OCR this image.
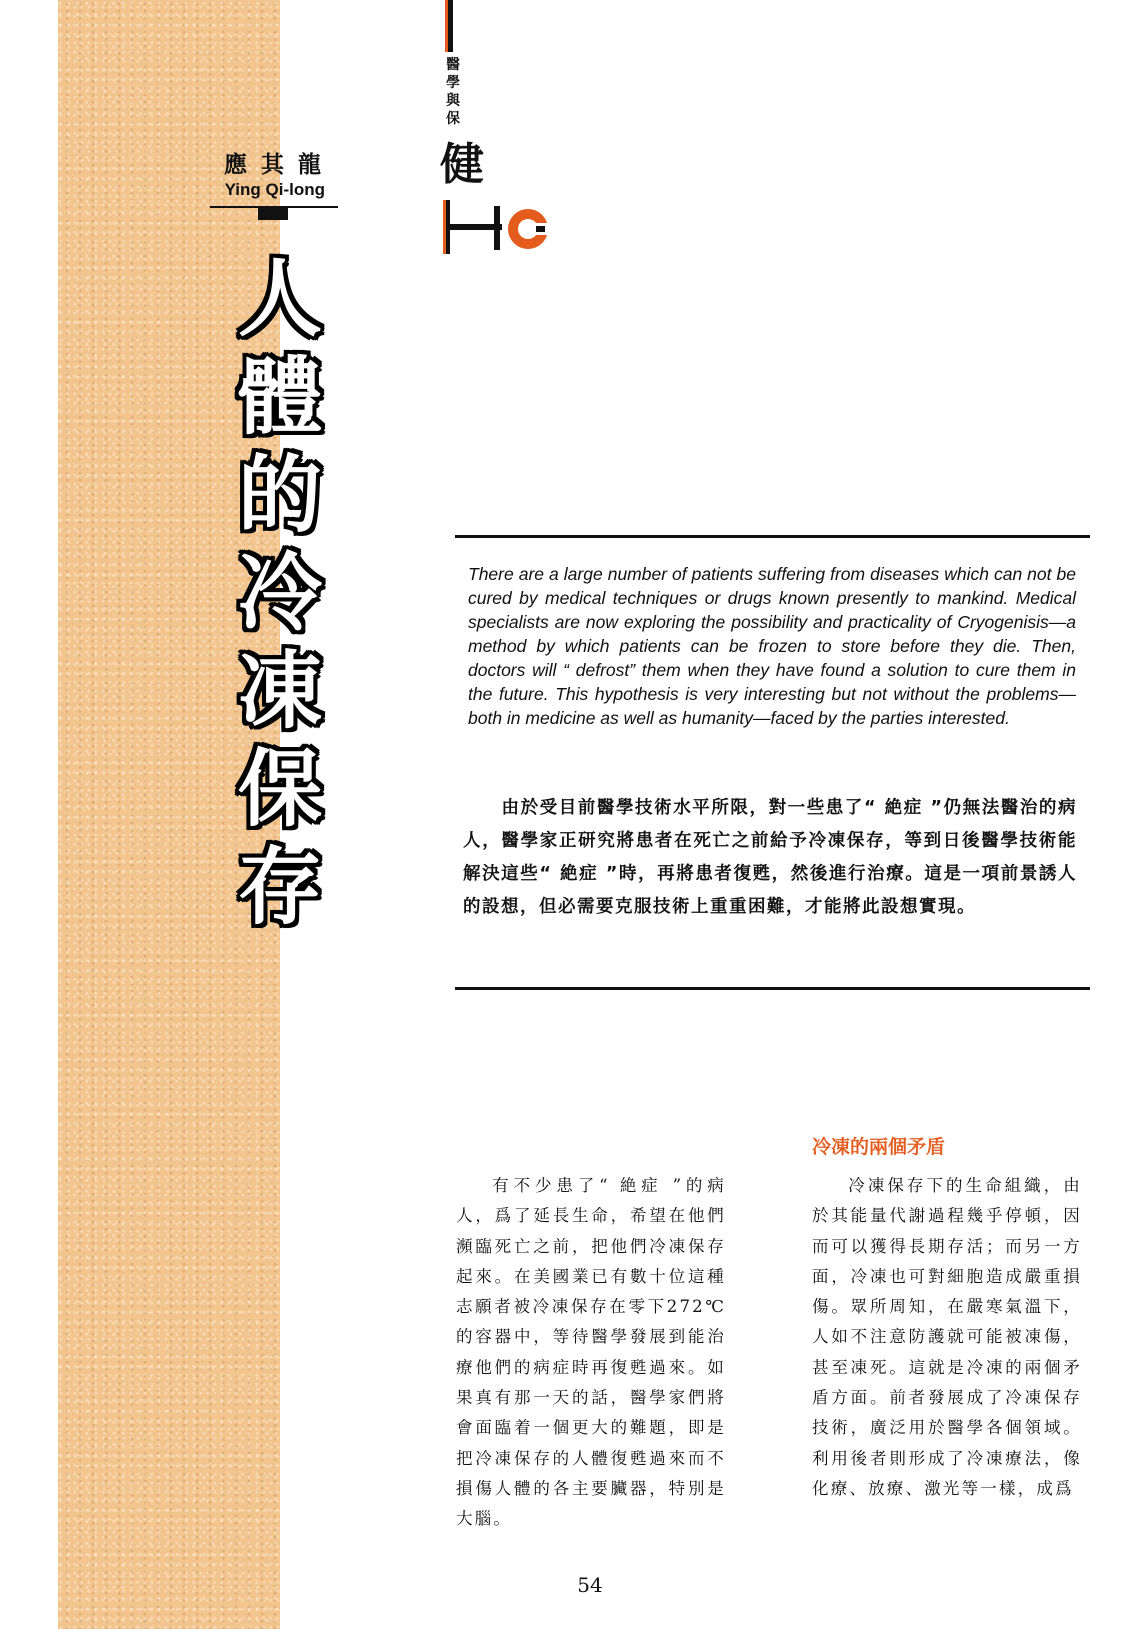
應其龍
Ying Qi-long
人
體
的
冷
凍
保
存
醫
學
與
保
健
There are a large number of patients suffering from diseases which can not be cured by medical techniques or drugs known presently to mankind. Medical specialists are now exploring the possibility and practicality of Cryogenisis—a method by which patients can be frozen to store before they die. Then, doctors will “ defrost” them when they have found a solution to cure them in the future. This hypothesis is very interesting but not without the problems—both in medicine as well as humanity—faced by the parties interested.
由於受目前醫學技術水平所限，對一些患了“ 絶症 ”仍無法醫治的病人，醫學家正研究將患者在死亡之前給予冷凍保存，等到日後醫學技術能解決這些“ 絶症 ”時，再將患者復甦，然後進行治療。這是一項前景誘人的設想，但必需要克服技術上重重困難，才能將此設想實現。
冷凍的兩個矛盾
有不少患了“ 絶症 ”的病人，爲了延長生命，希望在他們瀕臨死亡之前，把他們冷凍保存起來。在美國業已有數十位這種志願者被冷凍保存在零下272℃的容器中，等待醫學發展到能治療他們的病症時再復甦過來。如果真有那一天的話，醫學家們將會面臨着一個更大的難題，即是把冷凍保存的人體復甦過來而不損傷人體的各主要臟器，特別是大腦。
冷凍保存下的生命組織，由於其能量代謝過程幾乎停頓，因而可以獲得長期存活；而另一方面，冷凍也可對細胞造成嚴重損傷。眾所周知，在嚴寒氣溫下，人如不注意防護就可能被凍傷，甚至凍死。這就是冷凍的兩個矛盾方面。前者發展成了冷凍保存技術，廣泛用於醫學各個領域。利用後者則形成了冷凍療法，像化療、放療、激光等一樣，成爲
54
